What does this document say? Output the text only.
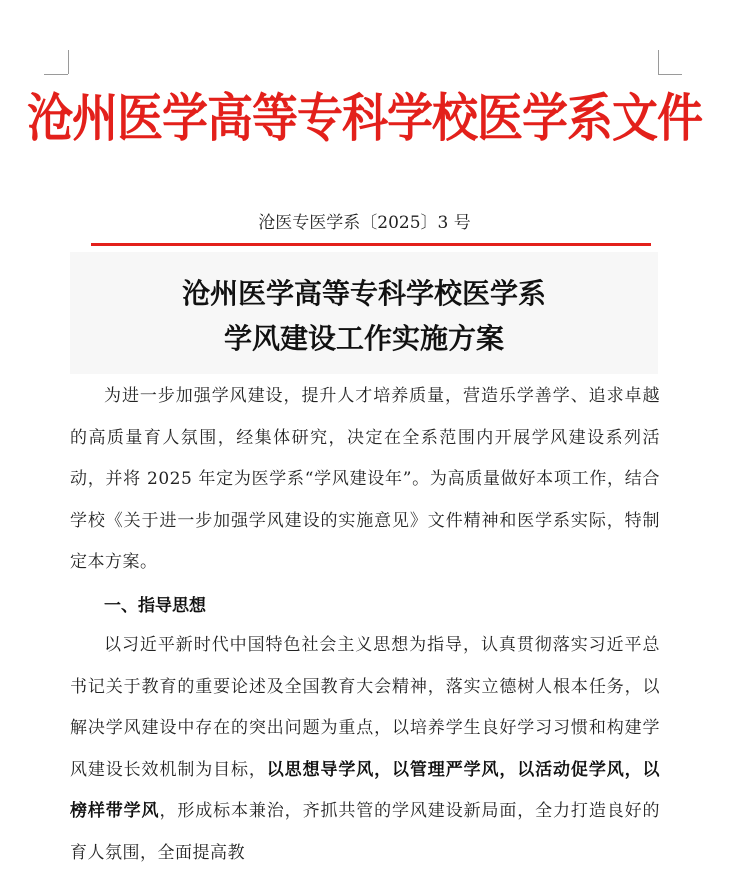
沧州医学高等专科学校医学系文件
沧医专医学系〔2025〕3 号
沧州医学高等专科学校医学系
学风建设工作实施方案
为进一步加强学风建设，提升人才培养质量，营造乐学善学、追求卓越的高质量育人氛围，经集体研究，决定在全系范围内开展学风建设系列活动，并将 2025 年定为医学系“学风建设年”。为高质量做好本项工作，结合学校《关于进一步加强学风建设的实施意见》文件精神和医学系实际，特制定本方案。
一、指导思想
以习近平新时代中国特色社会主义思想为指导，认真贯彻落实习近平总书记关于教育的重要论述及全国教育大会精神，落实立德树人根本任务，以解决学风建设中存在的突出问题为重点，以培养学生良好学习习惯和构建学风建设长效机制为目标，以思想导学风，以管理严学风，以活动促学风，以榜样带学风，形成标本兼治，齐抓共管的学风建设新局面，全力打造良好的育人氛围，全面提高教
